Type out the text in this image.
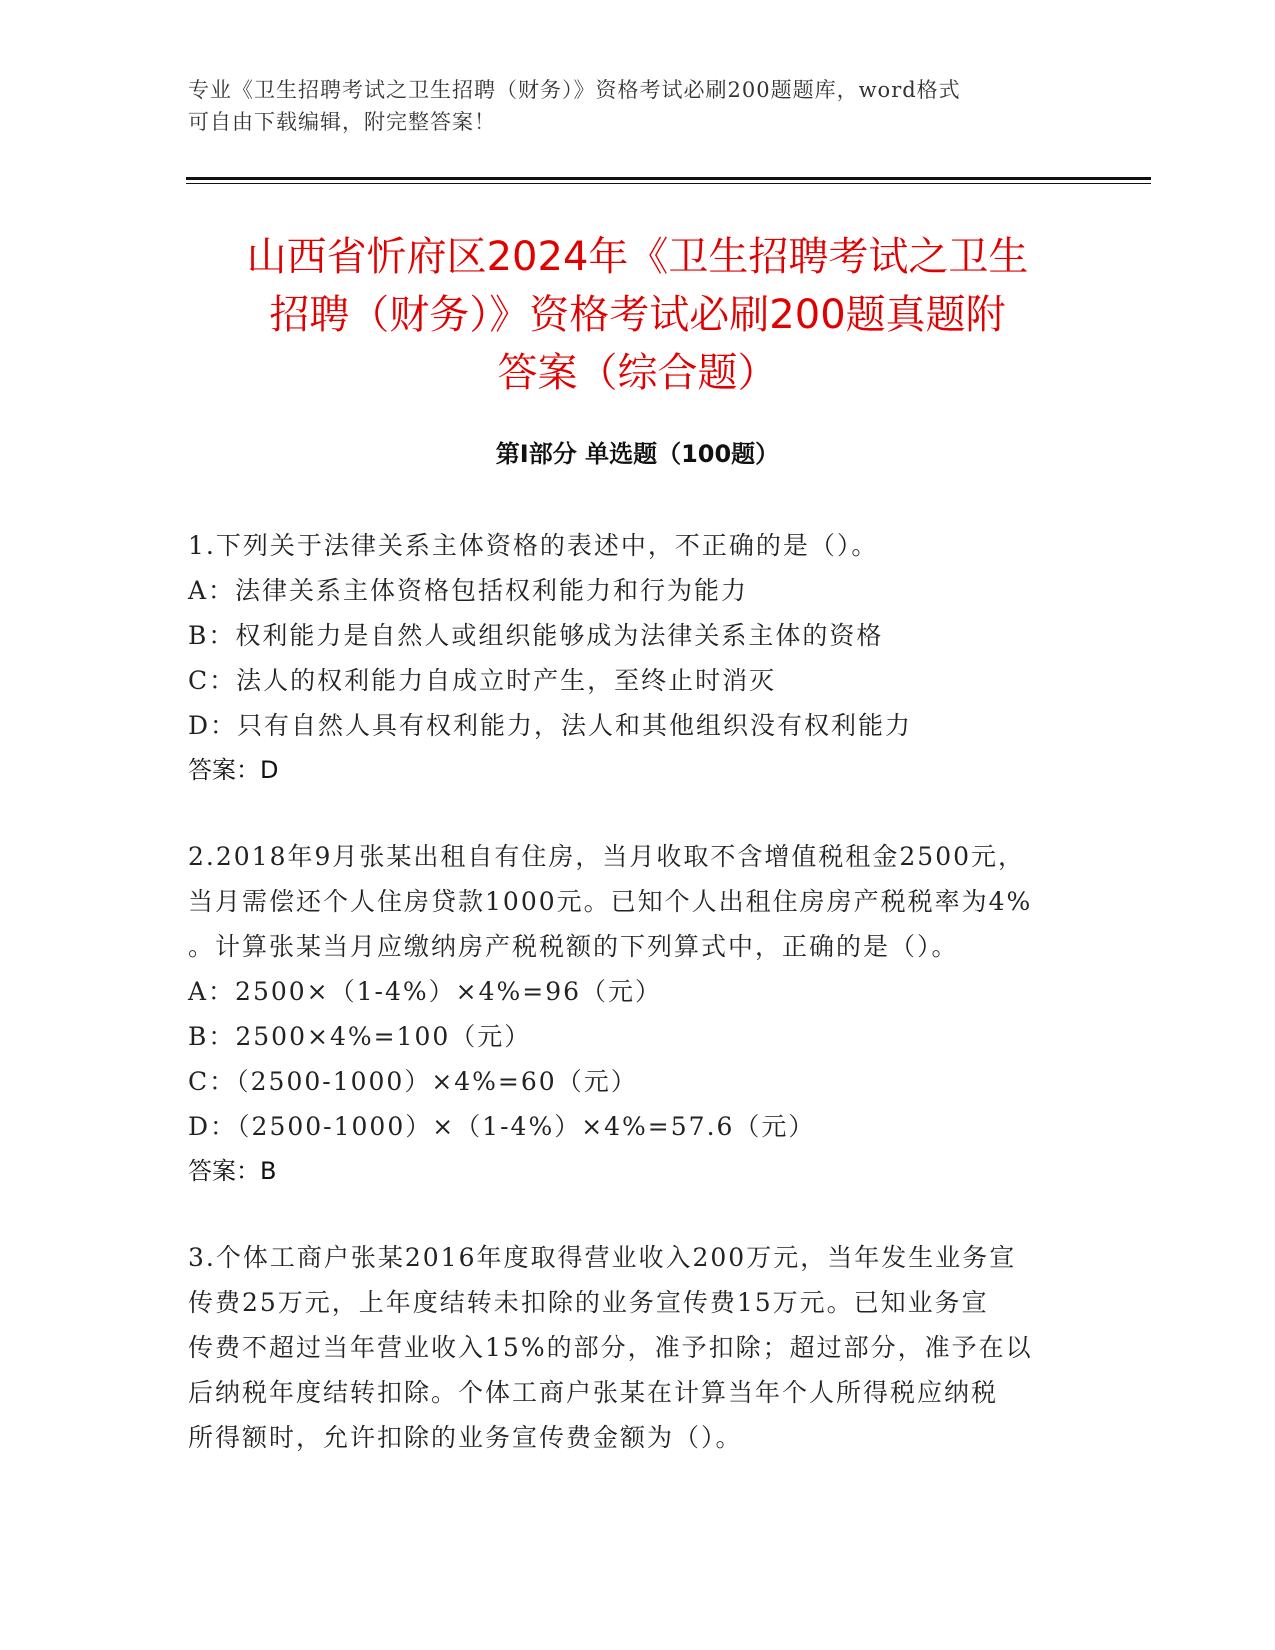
专业《卫生招聘考试之卫生招聘（财务）》资格考试必刷200题题库，word格式
可自由下载编辑，附完整答案！
山西省忻府区2024年《卫生招聘考试之卫生
招聘（财务）》资格考试必刷200题真题附
答案（综合题）
第Ⅰ部分 单选题（100题）

1.下列关于法律关系主体资格的表述中，不正确的是（）。

A：法律关系主体资格包括权利能力和行为能力

B：权利能力是自然人或组织能够成为法律关系主体的资格

C：法人的权利能力自成立时产生，至终止时消灭

D：只有自然人具有权利能力，法人和其他组织没有权利能力

答案：D

2.2018年9月张某出租自有住房，当月收取不含增值税租金2500元，
当月需偿还个人住房贷款1000元。已知个人出租住房房产税税率为4%
。计算张某当月应缴纳房产税税额的下列算式中，正确的是（）。

A：2500×（1-4%）×4%=96（元）

B：2500×4%=100（元）

C：（2500-1000）×4%=60（元）

D：（2500-1000）×（1-4%）×4%=57.6（元）

答案：B

3.个体工商户张某2016年度取得营业收入200万元，当年发生业务宣
传费25万元，上年度结转未扣除的业务宣传费15万元。已知业务宣
传费不超过当年营业收入15%的部分，准予扣除；超过部分，准予在以
后纳税年度结转扣除。个体工商户张某在计算当年个人所得税应纳税
所得额时，允许扣除的业务宣传费金额为（）。
